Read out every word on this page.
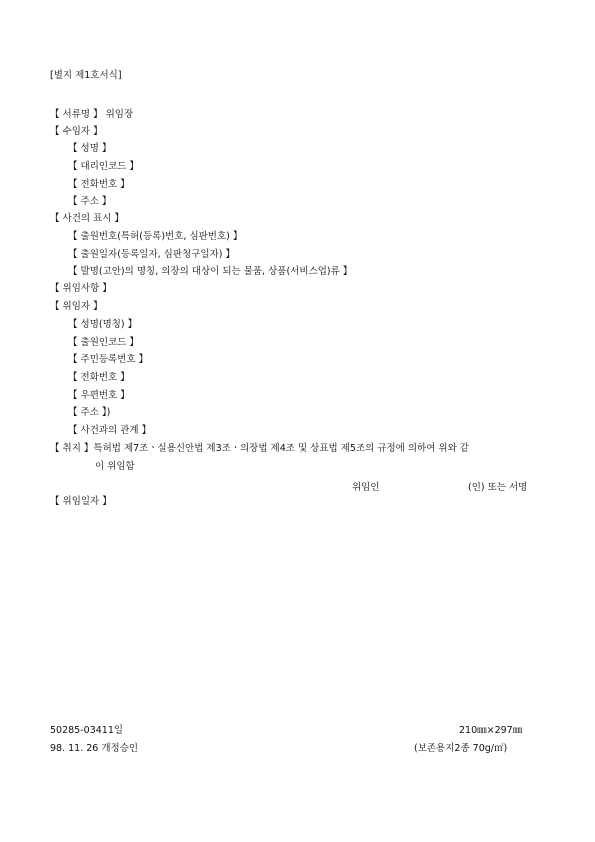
[별지 제1호서식]
【 서류명 】 위임장
【 수임자 】
【 성명 】
【 대리인코드 】
【 전화번호 】
【 주소 】
【 사건의 표시 】
【 출원번호(특허(등록)번호, 심판번호) 】
【 출원일자(등록일자, 심판청구일자) 】
【 발명(고안)의 명칭, 의장의 대상이 되는 물품, 상품(서비스업)류 】
【 위임사항 】
【 위임자 】
【 성명(명칭) 】
【 출원인코드 】
【 주민등록번호 】
【 전화번호 】
【 우편번호 】
【 주소 】)
【 사건과의 관계 】
【 취지 】특허법 제7조ㆍ실용신안법 제3조ㆍ의장법 제4조 및 상표법 제5조의 규정에 의하여 위와 같
이 위임함
위임인	(인) 또는 서명
【 위임일자 】
50285-03411일
98. 11. 26 개정승인
210㎜×297㎜
(보존용지2종 70g/㎡)
